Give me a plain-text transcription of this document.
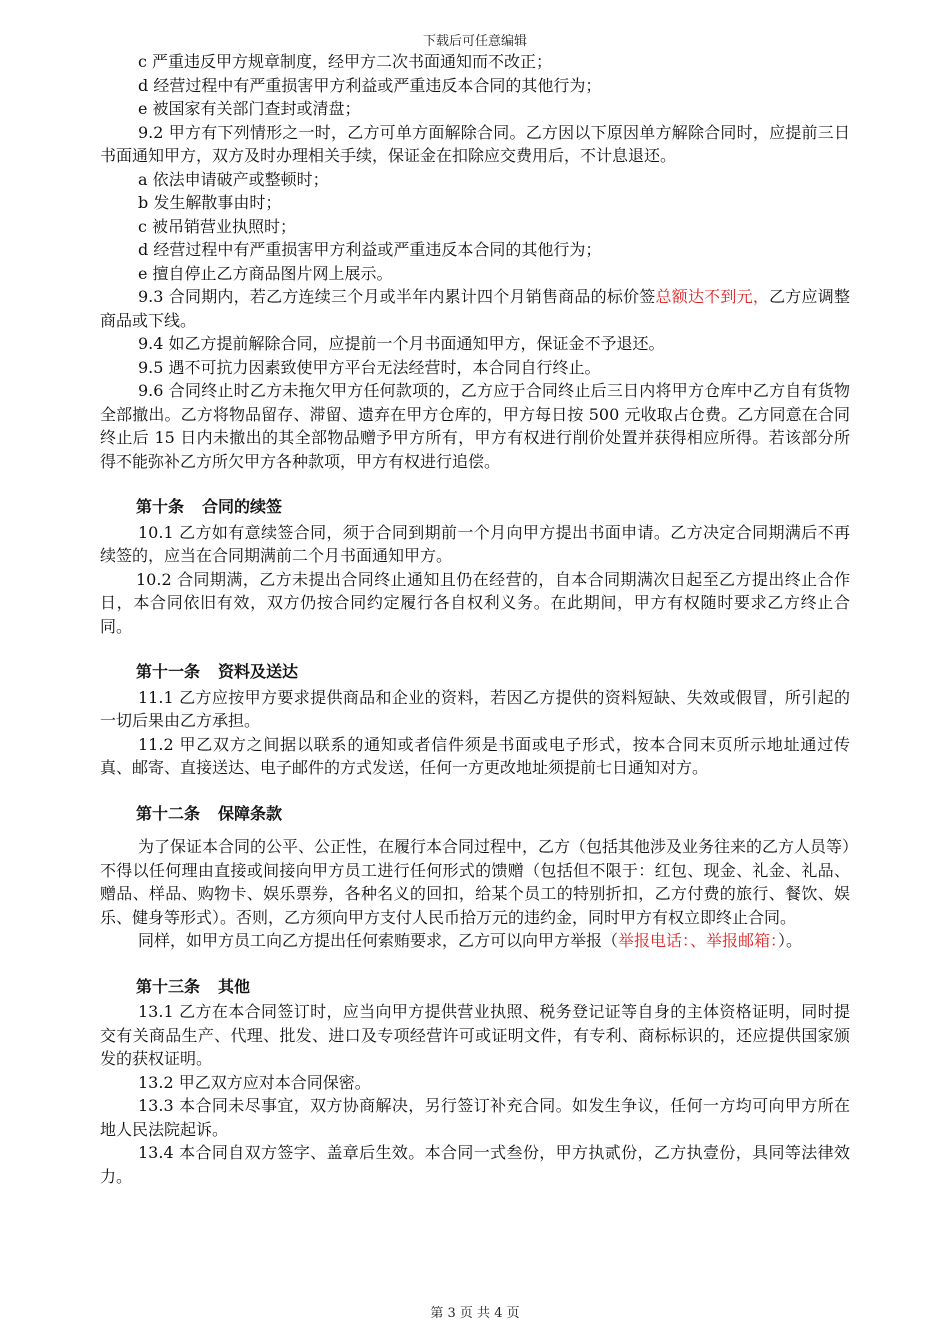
下载后可任意编辑

c 严重违反甲方规章制度，经甲方二次书面通知而不改正；

d 经营过程中有严重损害甲方利益或严重违反本合同的其他行为；

e 被国家有关部门查封或清盘；

9.2 甲方有下列情形之一时，乙方可单方面解除合同。乙方因以下原因单方解除合同时，应提前三日书面通知甲方，双方及时办理相关手续，保证金在扣除应交费用后，不计息退还。

a 依法申请破产或整顿时；

b 发生解散事由时；

c 被吊销营业执照时；

d 经营过程中有严重损害甲方利益或严重违反本合同的其他行为；

e 擅自停止乙方商品图片网上展示。

9.3 合同期内，若乙方连续三个月或半年内累计四个月销售商品的标价签总额达不到元，乙方应调整商品或下线。

9.4 如乙方提前解除合同，应提前一个月书面通知甲方，保证金不予退还。

9.5 遇不可抗力因素致使甲方平台无法经营时，本合同自行终止。

9.6 合同终止时乙方未拖欠甲方任何款项的，乙方应于合同终止后三日内将甲方仓库中乙方自有货物全部撤出。乙方将物品留存、滞留、遗弃在甲方仓库的，甲方每日按 500 元收取占仓费。乙方同意在合同终止后 15 日内未撤出的其全部物品赠予甲方所有，甲方有权进行削价处置并获得相应所得。若该部分所得不能弥补乙方所欠甲方各种款项，甲方有权进行追偿。

第十条 合同的续签

10.1 乙方如有意续签合同，须于合同到期前一个月向甲方提出书面申请。乙方决定合同期满后不再续签的，应当在合同期满前二个月书面通知甲方。

10.2 合同期满，乙方未提出合同终止通知且仍在经营的，自本合同期满次日起至乙方提出终止合作日，本合同依旧有效，双方仍按合同约定履行各自权利义务。在此期间，甲方有权随时要求乙方终止合同。

第十一条 资料及送达

11.1 乙方应按甲方要求提供商品和企业的资料，若因乙方提供的资料短缺、失效或假冒，所引起的一切后果由乙方承担。

11.2 甲乙双方之间据以联系的通知或者信件须是书面或电子形式，按本合同末页所示地址通过传真、邮寄、直接送达、电子邮件的方式发送，任何一方更改地址须提前七日通知对方。

第十二条 保障条款

为了保证本合同的公平、公正性，在履行本合同过程中，乙方（包括其他涉及业务往来的乙方人员等）不得以任何理由直接或间接向甲方员工进行任何形式的馈赠（包括但不限于：红包、现金、礼金、礼品、赠品、样品、购物卡、娱乐票券，各种名义的回扣，给某个员工的特别折扣，乙方付费的旅行、餐饮、娱乐、健身等形式）。否则，乙方须向甲方支付人民币拾万元的违约金，同时甲方有权立即终止合同。

同样，如甲方员工向乙方提出任何索贿要求，乙方可以向甲方举报（举报电话：、举报邮箱：）。

第十三条 其他

13.1 乙方在本合同签订时，应当向甲方提供营业执照、税务登记证等自身的主体资格证明，同时提交有关商品生产、代理、批发、进口及专项经营许可或证明文件，有专利、商标标识的，还应提供国家颁发的获权证明。

13.2 甲乙双方应对本合同保密。

13.3 本合同未尽事宜，双方协商解决，另行签订补充合同。如发生争议，任何一方均可向甲方所在地人民法院起诉。

13.4 本合同自双方签字、盖章后生效。本合同一式叁份，甲方执贰份，乙方执壹份，具同等法律效力。

第 3 页 共 4 页
